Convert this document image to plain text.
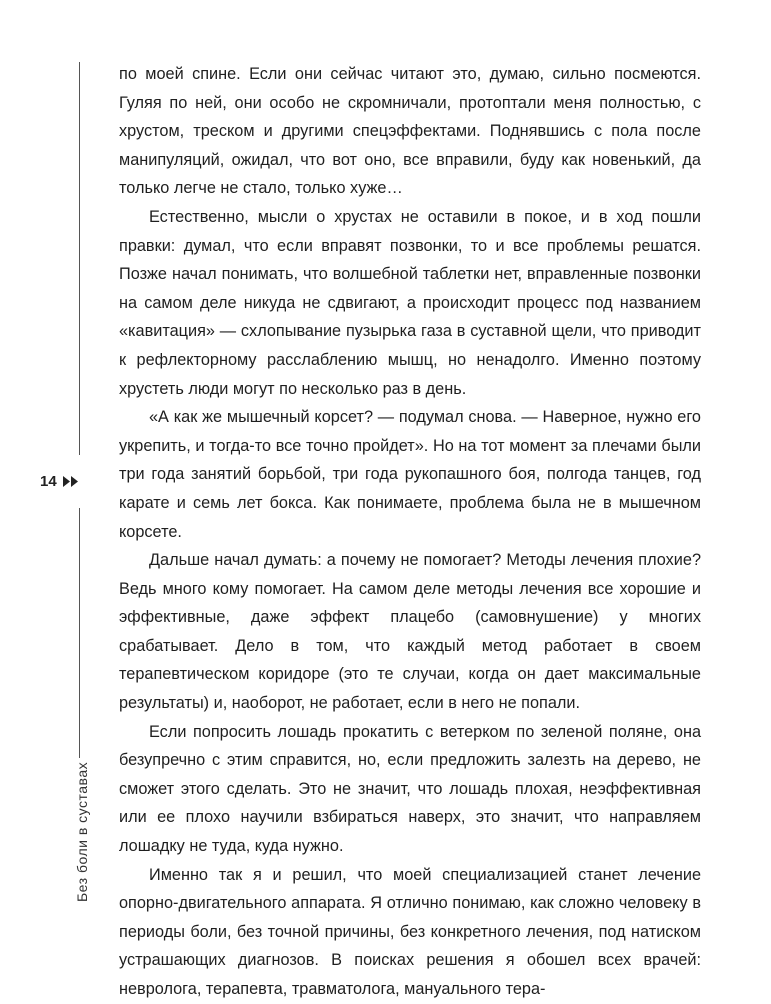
14
Без боли в суставах

по моей спине. Если они сейчас читают это, думаю, сильно посмеются. Гуляя по ней, они особо не скромничали, протоптали меня полностью, с хрустом, треском и другими спецэффектами. Поднявшись с пола после манипуляций, ожидал, что вот оно, все вправили, буду как новенький, да только легче не стало, только хуже…

Естественно, мысли о хрустах не оставили в покое, и в ход пошли правки: думал, что если вправят позвонки, то и все проблемы решатся. Позже начал понимать, что волшебной таблетки нет, вправленные позвонки на самом деле никуда не сдвигают, а происходит процесс под названием «кавитация» — схлопывание пузырька газа в суставной щели, что приводит к рефлекторному расслаблению мышц, но ненадолго. Именно поэтому хрустеть люди могут по несколько раз в день.

«А как же мышечный корсет? — подумал снова. — Наверное, нужно его укрепить, и тогда-то все точно пройдет». Но на тот момент за плечами были три года занятий борьбой, три года рукопашного боя, полгода танцев, год карате и семь лет бокса. Как понимаете, проблема была не в мышечном корсете.

Дальше начал думать: а почему не помогает? Методы лечения плохие? Ведь много кому помогает. На самом деле методы лечения все хорошие и эффективные, даже эффект плацебо (самовнушение) у многих срабатывает. Дело в том, что каждый метод работает в своем терапевтическом коридоре (это те случаи, когда он дает максимальные результаты) и, наоборот, не работает, если в него не попали.

Если попросить лошадь прокатить с ветерком по зеленой поляне, она безупречно с этим справится, но, если предложить залезть на дерево, не сможет этого сделать. Это не значит, что лошадь плохая, неэффективная или ее плохо научили взбираться наверх, это значит, что направляем лошадку не туда, куда нужно.

Именно так я и решил, что моей специализацией станет лечение опорно-двигательного аппарата. Я отлично понимаю, как сложно человеку в периоды боли, без точной причины, без конкретного лечения, под натиском устрашающих диагнозов. В поисках решения я обошел всех врачей: невролога, терапевта, травматолога, мануального тера-
